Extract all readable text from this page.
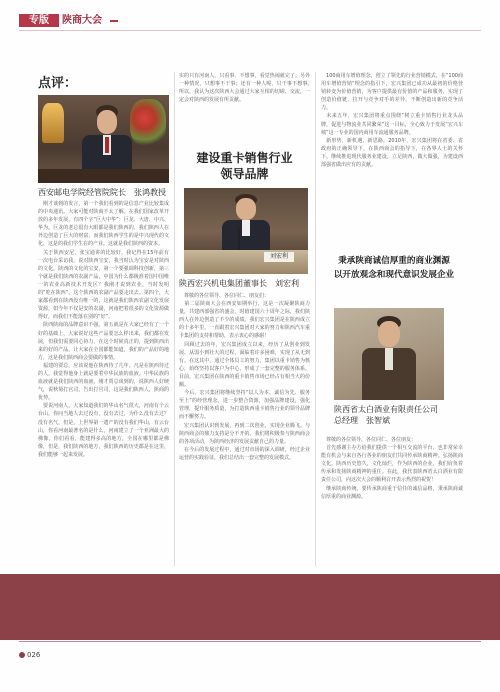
专版	陕商大会
点评：
西安邮电学院经管院院长　张鸿教授

　刚才谈到的发言，第一个我们看到的是信息产业比较集成的中央通讯。大家可能对陕商不太了解。在我们国家改革开放的多年发展，有四个字“巨大中华”：巨龙、大唐、中兴、华为。巨龙的老总很有大眼都是我们陕西的，我们陕西人在外边创造了巨大的财富，而我们陕西学生的是中兴现代的文化，这是的我们学生在的产业。这就是我们陕西的资本。

　关于陕西安尼，张宝通讲的比较好，我记得在15年前有一次电台采访我，说对陕西宝安，我当时认为宝安是对陕西的文化。陕西的文化的宝安，第一个要强调科技创新，第三个就是我们陕西的农副产品，中国为什么都极准着国中国唯一的农业高新技术开发区？我刚才说到农业，当时发明的“吃在陕西”，这个陕西的农副产品要走出去。第四个，大家都看到在陕西没有唯一的，这就是我们陕西农副文化发展资源，如今年不仅是安的农副，河南把着很多的文化资源做得好，而我们不能落在别的“好”。

　陕西陕商的品牌意识不强。第五就是在大家已经有了一个好的基础上，大家说好这些产品要怎么样出来，我们都在发展，但我们需要同心协力，在这个时候真正的，提到陕西出来的好的产品，让大家在全国都能知道，我们的产品好的地方，这是我们陕西商会要做的事情。

　福建的贾总，应该说他在陕西待了几年。凡是在陕西待过的人，我觉得他身上就是要着中华民族的血液。中华民族的血液就是我们陕西的血液。刚才贾总谈到的，说陕西人好硬气，说秋菊打官司，告出打官司，这是我们陕西人，陕商的优势。

　要说河南人，大家知道我们的华山名气很大，河南有个云台山，你问当地人去过没有，没有去过，为什么没有去过？没有名气，但是，上世界第一遗产的没有我们华山，有云台山，你看河南最著名的是什么，河南建立了一个亚洲最大的佛像，你们看看，能建得多高的地方，全国在哪里都是佛像，但是，我们陕西的地方，我们陕西的历史都是在这里，我们能够一起来发展。

实的只有河南人，只看事，不想事，看觉热闹就完了；另外一种情况，只想事不干事；还有一种人呢，只干事不想事。　所以，我认为这次陕西大会通过大家互相的切磋、交流，一定会对陕西的发展有所贡献。

建设重卡销售行业
领导品牌
刘宏利
陕西宏兴机电集团董事长　刘宏利

　尊敬的各位领导、各位同仁、朋友们：

　第二届陕商大会在西安如期举行，这是一次凝聚陕商力量，共建西部强省的盛会，时值建国六十周年之际，我们陕西人在外边创造了不少的成绩。我们宏兴集团是在陕西成立的十多年里，一直跟着宏兴集团对大家的努力和陕西汽车重卡集团的支持和帮助，表示衷心的感谢！

　回顾过去的年，宏兴集团成立以来，经历了从创业到发展、从弱小到壮大的过程，面临着许多困难，实现了从无到有。在这其中，通过全体员工的努力，集团以重卡销售为核心，始终坚持以客户为中心，形成了一套完整的服务体系。目前，宏兴集团在陕西的重卡销售市场已经占有相当大的份额。

　今后，宏兴集团将继续坚持“以人为本、诚信为先、服务至上”的经营理念，进一步整合资源，加强品牌建设，强化管理，提升服务质量，为打造陕西重卡销售行业的领导品牌而不懈努力。

　宏兴集团认识到发展，再到二次创业，实现企业腾飞。与陕西商会的鼎力支持是分不开的。我们将积极参与陕西商会的各项活动，为陕西经济的发展贡献自己的力量。

　在今后的发展过程中，通过对市场的深入调研，经过企业运营的实践验证，我们总结出一套完整的发展模式。

　100商用车增值理念，创立了领先的行业营销模式，在“100商用车增值营销”理念的指引下，宏兴集团已成功从最初的价格营销转变为价值营销，为客户提供最有价值的产品和服务，实现了创造价值链，拉开与竞争对手的差异，不断创造出新的竞争活力。

　未来五年，宏兴集团将重点围绕“树立重卡销售行业龙头品牌，促进与物流业共同繁荣”这一目标，全心致力于发展“宏兴车城”这一专业的国内商用车流通服务品牌。

　新形势，新机遇，新思路。2010年，宏兴集团将在省委、省政府的正确领导下，在陕西商会的指导下，在各界人士的关怀下，继续推进现代服务业建设，立足陕西，做大做强，为建设西部强省做出应有的贡献。

秉承陕商诚信厚重的商业渊源
以开放观念和现代意识发展企业
陕西省太白酒业有限责任公司
总经理　张智斌

　尊敬的各位领导、各位同仁、各位朋友：

　首先感谢主办方给我们提供一个相互交流的平台，也非常荣幸能有机会与来自各行各业的朋友们共同传承陕商精神。弘扬陕商文化，陕西历史悠久，文化灿烂，作为陕西的企业，我们肩负着传承和发扬陕商精神的重任。在此，我代表陕西省太白酒业有限责任公司，向这次大会的顺利召开表示热烈的祝贺！

　继承陕商传统，要传承陕商重于信任的诚信品格，秉承陕商诚信厚重的商业渊源。

026
